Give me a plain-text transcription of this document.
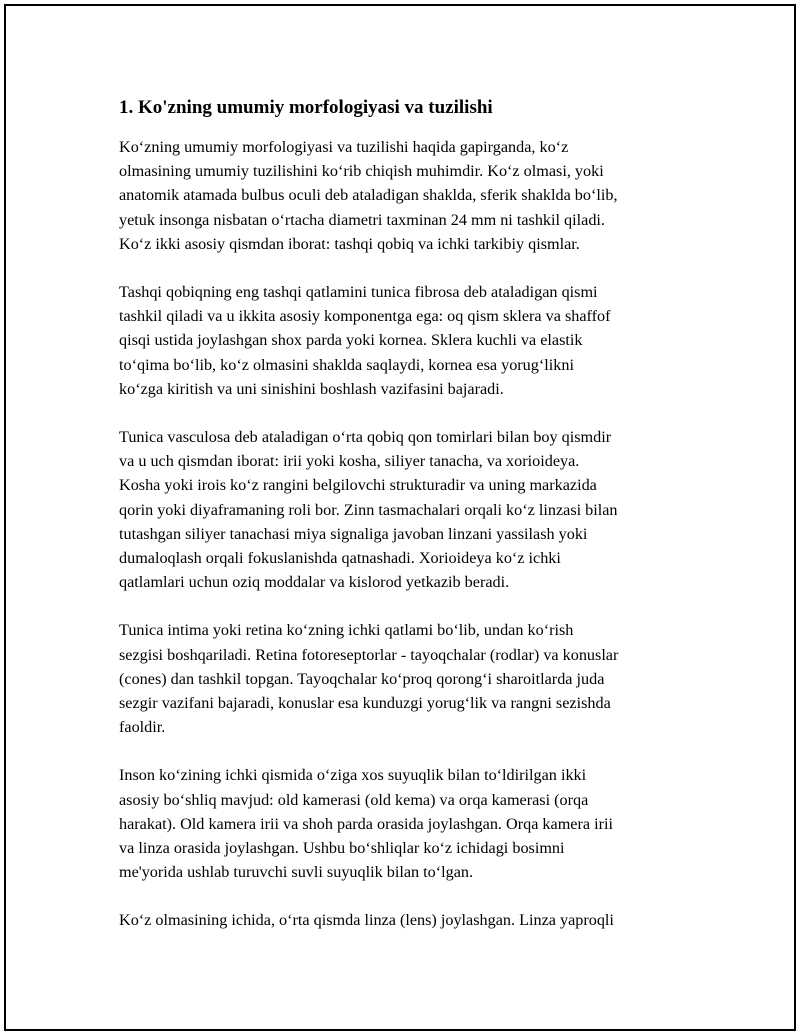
1. Ko'zning umumiy morfologiyasi va tuzilishi

Ko‘zning umumiy morfologiyasi va tuzilishi haqida gapirganda, ko‘z
olmasining umumiy tuzilishini ko‘rib chiqish muhimdir. Ko‘z olmasi, yoki
anatomik atamada bulbus oculi deb ataladigan shaklda, sferik shaklda bo‘lib,
yetuk insonga nisbatan o‘rtacha diametri taxminan 24 mm ni tashkil qiladi.
Ko‘z ikki asosiy qismdan iborat: tashqi qobiq va ichki tarkibiy qismlar.

Tashqi qobiqning eng tashqi qatlamini tunica fibrosa deb ataladigan qismi
tashkil qiladi va u ikkita asosiy komponentga ega: oq qism sklera va shaffof
qisqi ustida joylashgan shox parda yoki kornea. Sklera kuchli va elastik
to‘qima bo‘lib, ko‘z olmasini shaklda saqlaydi, kornea esa yorug‘likni
ko‘zga kiritish va uni sinishini boshlash vazifasini bajaradi.

Tunica vasculosa deb ataladigan o‘rta qobiq qon tomirlari bilan boy qismdir
va u uch qismdan iborat: irii yoki kosha, siliyer tanacha, va xorioideya.
Kosha yoki irois ko‘z rangini belgilovchi strukturadir va uning markazida
qorin yoki diyaframaning roli bor. Zinn tasmachalari orqali ko‘z linzasi bilan
tutashgan siliyer tanachasi miya signaliga javoban linzani yassilash yoki
dumaloqlash orqali fokuslanishda qatnashadi. Xorioideya ko‘z ichki
qatlamlari uchun oziq moddalar va kislorod yetkazib beradi.

Tunica intima yoki retina ko‘zning ichki qatlami bo‘lib, undan ko‘rish
sezgisi boshqariladi. Retina fotoreseptorlar - tayoqchalar (rodlar) va konuslar
(cones) dan tashkil topgan. Tayoqchalar ko‘proq qorong‘i sharoitlarda juda
sezgir vazifani bajaradi, konuslar esa kunduzgi yorug‘lik va rangni sezishda
faoldir.

Inson ko‘zining ichki qismida o‘ziga xos suyuqlik bilan to‘ldirilgan ikki
asosiy bo‘shliq mavjud: old kamerasi (old kema) va orqa kamerasi (orqa
harakat). Old kamera irii va shoh parda orasida joylashgan. Orqa kamera irii
va linza orasida joylashgan. Ushbu bo‘shliqlar ko‘z ichidagi bosimni
me'yorida ushlab turuvchi suvli suyuqlik bilan to‘lgan.

Ko‘z olmasining ichida, o‘rta qismda linza (lens) joylashgan. Linza yaproqli
